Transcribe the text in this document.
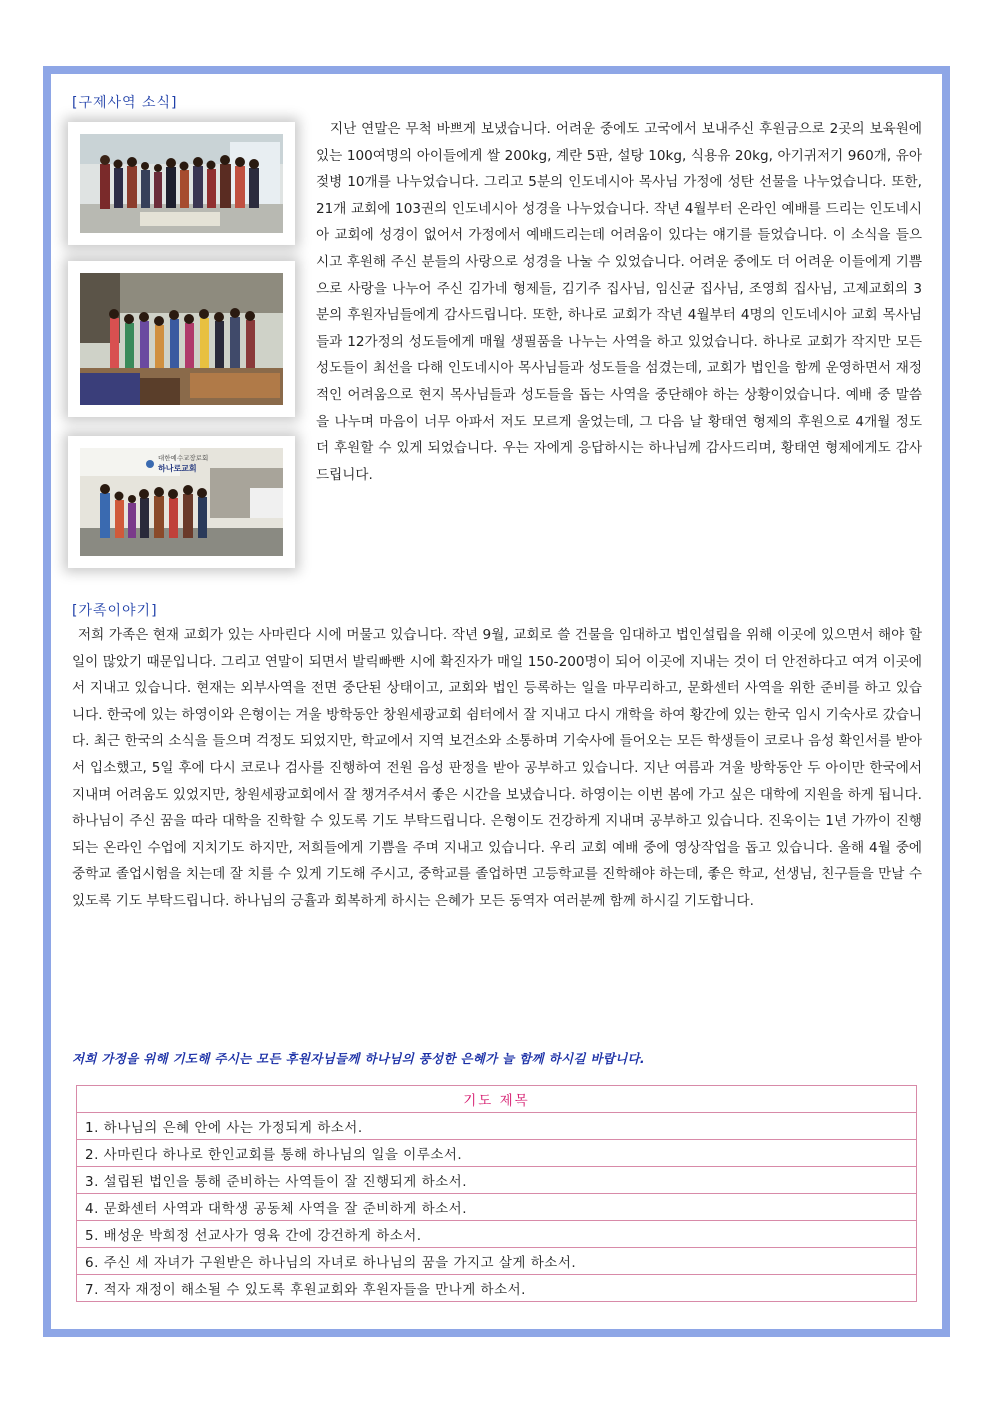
[구제사역 소식]
대한예수교장로회
하나로교회
지난 연말은 무척 바쁘게 보냈습니다. 어려운 중에도 고국에서 보내주신 후원금으로 2곳의 보육원에 있는 100여명의 아이들에게 쌀 200kg, 계란 5판, 설탕 10kg, 식용유 20kg, 아기귀저기 960개, 유아젖병 10개를 나누었습니다. 그리고 5분의 인도네시아 목사님 가정에 성탄 선물을 나누었습니다. 또한, 21개 교회에 103권의 인도네시아 성경을 나누었습니다. 작년 4월부터 온라인 예배를 드리는 인도네시아 교회에 성경이 없어서 가정에서 예배드리는데 어려움이 있다는 얘기를 들었습니다. 이 소식을 들으시고 후원해 주신 분들의 사랑으로 성경을 나눌 수 있었습니다. 어려운 중에도 더 어려운 이들에게 기쁨으로 사랑을 나누어 주신 김가네 형제들, 김기주 집사님, 임신균 집사님, 조영희 집사님, 고제교회의 3분의 후원자님들에게 감사드립니다. 또한, 하나로 교회가 작년 4월부터 4명의 인도네시아 교회 목사님들과 12가정의 성도들에게 매월 생필품을 나누는 사역을 하고 있었습니다. 하나로 교회가 작지만 모든 성도들이 최선을 다해 인도네시아 목사님들과 성도들을 섬겼는데, 교회가 법인을 함께 운영하면서 재정적인 어려움으로 현지 목사님들과 성도들을 돕는 사역을 중단해야 하는 상황이었습니다. 예배 중 말씀을 나누며 마음이 너무 아파서 저도 모르게 울었는데, 그 다음 날 황태연 형제의 후원으로 4개월 정도 더 후원할 수 있게 되었습니다. 우는 자에게 응답하시는 하나님께 감사드리며, 황태연 형제에게도 감사드립니다.
[가족이야기]
저희 가족은 현재 교회가 있는 사마린다 시에 머물고 있습니다. 작년 9월, 교회로 쓸 건물을 임대하고 법인설립을 위해 이곳에 있으면서 해야 할 일이 많았기 때문입니다. 그리고 연말이 되면서 발릭빠빤 시에 확진자가 매일 150-200명이 되어 이곳에 지내는 것이 더 안전하다고 여겨 이곳에서 지내고 있습니다. 현재는 외부사역을 전면 중단된 상태이고, 교회와 법인 등록하는 일을 마무리하고, 문화센터 사역을 위한 준비를 하고 있습니다. 한국에 있는 하영이와 은형이는 겨울 방학동안 창원세광교회 쉼터에서 잘 지내고 다시 개학을 하여 황간에 있는 한국 임시 기숙사로 갔습니다. 최근 한국의 소식을 들으며 걱정도 되었지만, 학교에서 지역 보건소와 소통하며 기숙사에 들어오는 모든 학생들이 코로나 음성 확인서를 받아서 입소했고, 5일 후에 다시 코로나 검사를 진행하여 전원 음성 판정을 받아 공부하고 있습니다. 지난 여름과 겨울 방학동안 두 아이만 한국에서 지내며 어려움도 있었지만, 창원세광교회에서 잘 챙겨주셔서 좋은 시간을 보냈습니다. 하영이는 이번 봄에 가고 싶은 대학에 지원을 하게 됩니다. 하나님이 주신 꿈을 따라 대학을 진학할 수 있도록 기도 부탁드립니다. 은형이도 건강하게 지내며 공부하고 있습니다. 진욱이는 1년 가까이 진행되는 온라인 수업에 지치기도 하지만, 저희들에게 기쁨을 주며 지내고 있습니다. 우리 교회 예배 중에 영상작업을 돕고 있습니다. 올해 4월 중에 중학교 졸업시험을 치는데 잘 치를 수 있게 기도해 주시고, 중학교를 졸업하면 고등학교를 진학해야 하는데, 좋은 학교, 선생님, 친구들을 만날 수 있도록 기도 부탁드립니다. 하나님의 긍휼과 회복하게 하시는 은혜가 모든 동역자 여러분께 함께 하시길 기도합니다.
저희 가정을 위해 기도해 주시는 모든 후원자님들께 하나님의 풍성한 은혜가 늘 함께 하시길 바랍니다.
기도 제목
1. 하나님의 은혜 안에 사는 가정되게 하소서.
2. 사마린다 하나로 한인교회를 통해 하나님의 일을 이루소서.
3. 설립된 법인을 통해 준비하는 사역들이 잘 진행되게 하소서.
4. 문화센터 사역과 대학생 공동체 사역을 잘 준비하게 하소서.
5. 배성운 박희정 선교사가 영육 간에 강건하게 하소서.
6. 주신 세 자녀가 구원받은 하나님의 자녀로 하나님의 꿈을 가지고 살게 하소서.
7. 적자 재정이 해소될 수 있도록 후원교회와 후원자들을 만나게 하소서.
